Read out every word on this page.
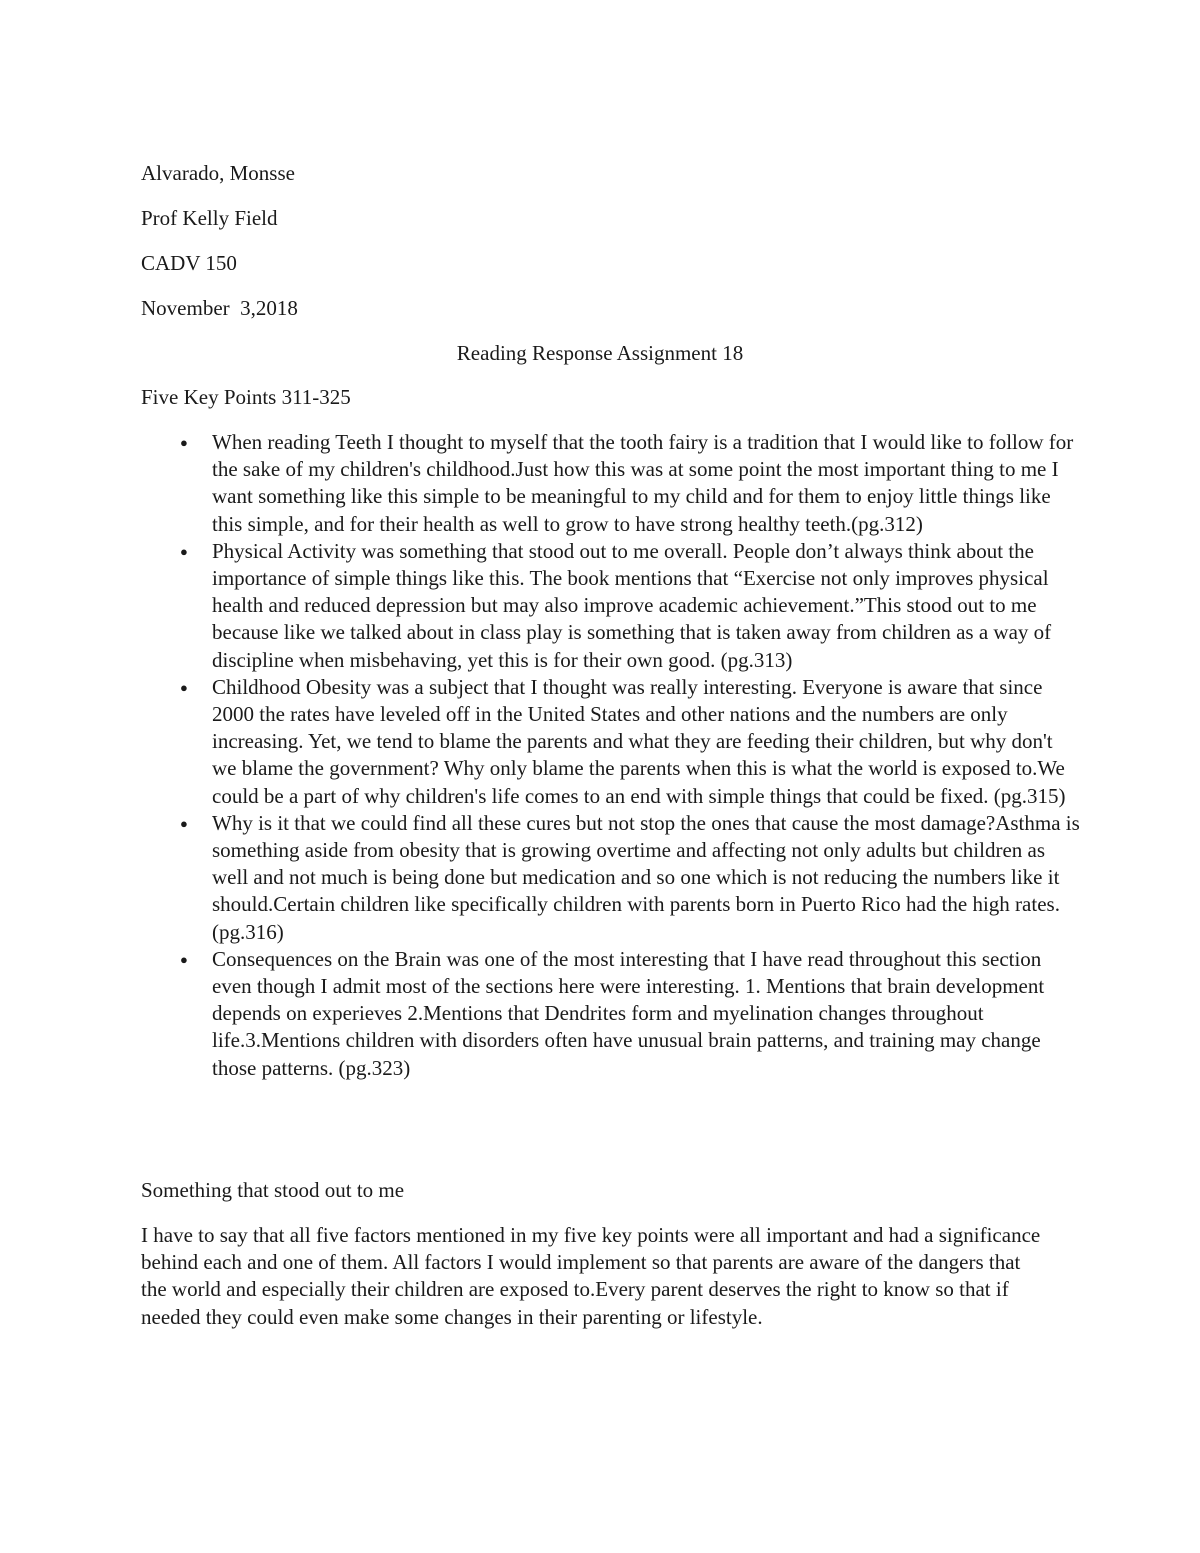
Alvarado, Monsse

Prof Kelly Field

CADV 150

November  3,2018

Reading Response Assignment 18
Five Key Points 311-325
● When reading Teeth I thought to myself that the tooth fairy is a tradition that I would like to follow for the sake of my children's childhood.Just how this was at some point the most important thing to me I want something like this simple to be meaningful to my child and for them to enjoy little things like this simple, and for their health as well to grow to have strong healthy teeth.(pg.312)
● Physical Activity was something that stood out to me overall. People don’t always think about the importance of simple things like this. The book mentions that “Exercise not only improves physical health and reduced depression but may also improve academic achievement.”This stood out to me because like we talked about in class play is something that is taken away from children as a way of discipline when misbehaving, yet this is for their own good. (pg.313)
● Childhood Obesity was a subject that I thought was really interesting. Everyone is aware that since 2000 the rates have leveled off in the United States and other nations and the numbers are only increasing. Yet, we tend to blame the parents and what they are feeding their children, but why don't we blame the government? Why only blame the parents when this is what the world is exposed to.We could be a part of why children's life comes to an end with simple things that could be fixed. (pg.315)
● Why is it that we could find all these cures but not stop the ones that cause the most damage?Asthma is something aside from obesity that is growing overtime and affecting not only adults but children as well and not much is being done but medication and so one which is not reducing the numbers like it should.Certain children like specifically children with parents born in Puerto Rico had the high rates. (pg.316)
● Consequences on the Brain was one of the most interesting that I have read throughout this section even though I admit most of the sections here were interesting. 1. Mentions that brain development depends on experieves 2.Mentions that Dendrites form and myelination changes throughout life.3.Mentions children with disorders often have unusual brain patterns, and training may change those patterns. (pg.323)
Something that stood out to me

I have to say that all five factors mentioned in my five key points were all important and had a significance behind each and one of them. All factors I would implement so that parents are aware of the dangers that the world and especially their children are exposed to.Every parent deserves the right to know so that if needed they could even make some changes in their parenting or lifestyle.
